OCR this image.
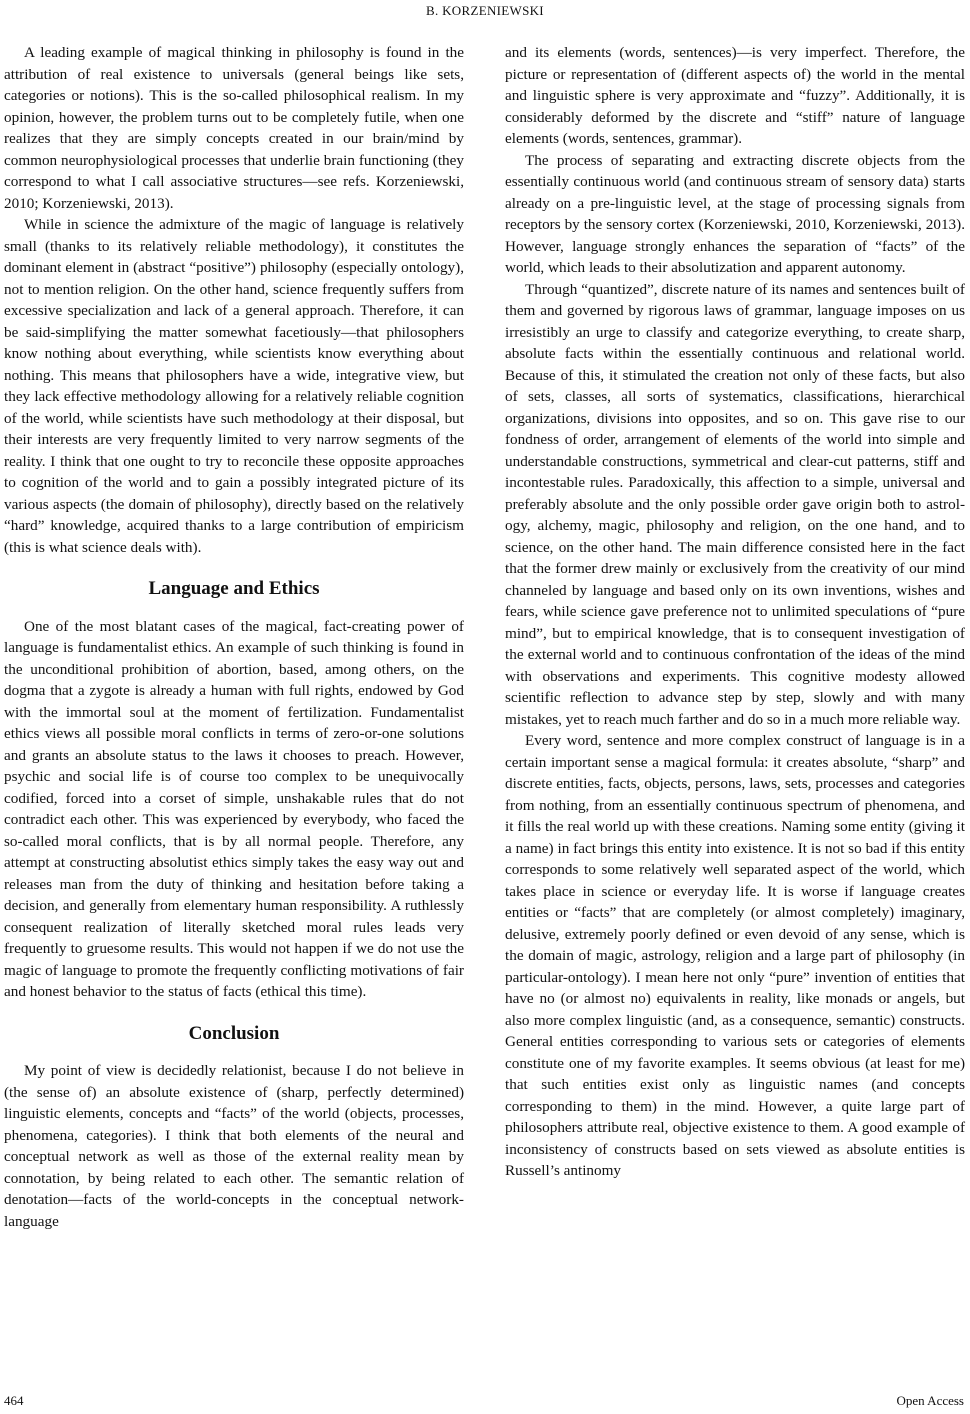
B. KORZENIEWSKI

A leading example of magical thinking in philosophy is found in the attribution of real existence to universals (general beings like sets, categories or notions). This is the so-called philosophical realism. In my opinion, however, the problem turns out to be completely futile, when one realizes that they are simply concepts created in our brain/mind by common neurophysiological processes that underlie brain functioning (they correspond to what I call associative structures—see refs. Korzeniewski, 2010; Korzeniewski, 2013).

While in science the admixture of the magic of language is relatively small (thanks to its relatively reliable methodology), it constitutes the dominant element in (abstract “positive”) philosophy (especially ontology), not to mention religion. On the other hand, science frequently suffers from excessive specialization and lack of a general approach. Therefore, it can be said-simplifying the matter somewhat facetiously—that philosophers know nothing about everything, while scientists know everything about nothing. This means that philosophers have a wide, integrative view, but they lack effective methodology allowing for a relatively reliable cognition of the world, while scientists have such methodology at their disposal, but their interests are very frequently limited to very narrow segments of the reality. I think that one ought to try to reconcile these opposite approaches to cognition of the world and to gain a possibly integrated picture of its various aspects (the domain of philosophy), directly based on the relatively “hard” knowledge, acquired thanks to a large contribution of empiricism (this is what science deals with).

Language and Ethics

One of the most blatant cases of the magical, fact-creating power of language is fundamentalist ethics. An example of such thinking is found in the unconditional prohibition of abortion, based, among others, on the dogma that a zygote is already a human with full rights, endowed by God with the immortal soul at the moment of fertilization. Fundamentalist ethics views all possible moral conflicts in terms of zero-or-one solutions and grants an absolute status to the laws it chooses to preach. However, psychic and social life is of course too complex to be unequivocally codified, forced into a corset of simple, unshakable rules that do not contradict each other. This was experienced by everybody, who faced the so-called moral conflicts, that is by all normal people. Therefore, any attempt at constructing absolutist ethics simply takes the easy way out and releases man from the duty of thinking and hesitation before taking a decision, and generally from elementary human responsibility. A ruthlessly consequent realization of literally sketched moral rules leads very frequently to gruesome results. This would not happen if we do not use the magic of language to promote the frequently conflicting motivations of fair and honest behavior to the status of facts (ethical this time).

Conclusion

My point of view is decidedly relationist, because I do not believe in (the sense of) an absolute existence of (sharp, perfectly determined) linguistic elements, concepts and “facts” of the world (objects, processes, phenomena, categories). I think that both elements of the neural and conceptual network as well as those of the external reality mean by connotation, by being related to each other. The semantic relation of denotation—facts of the world-concepts in the conceptual network-language

and its elements (words, sentences)—is very imperfect. Therefore, the picture or representation of (different aspects of) the world in the mental and linguistic sphere is very approximate and “fuzzy”. Additionally, it is considerably deformed by the discrete and “stiff” nature of language elements (words, sentences, grammar).

The process of separating and extracting discrete objects from the essentially continuous world (and continuous stream of sensory data) starts already on a pre-linguistic level, at the stage of processing signals from receptors by the sensory cortex (Korzeniewski, 2010, Korzeniewski, 2013). However, language strongly enhances the separation of “facts” of the world, which leads to their absolutization and apparent autonomy.

Through “quantized”, discrete nature of its names and sentences built of them and governed by rigorous laws of grammar, language imposes on us irresistibly an urge to classify and categorize everything, to create sharp, absolute facts within the essentially continuous and relational world. Because of this, it stimulated the creation not only of these facts, but also of sets, classes, all sorts of systematics, classifications, hierarchical organizations, divisions into opposites, and so on. This gave rise to our fondness of order, arrangement of elements of the world into simple and understandable constructions, symmetrical and clear-cut patterns, stiff and incontestable rules. Paradoxically, this affection to a simple, universal and preferably absolute and the only possible order gave origin both to astrology, alchemy, magic, philosophy and religion, on the one hand, and to science, on the other hand. The main difference consisted here in the fact that the former drew mainly or exclusively from the creativity of our mind channeled by language and based only on its own inventions, wishes and fears, while science gave preference not to unlimited speculations of “pure mind”, but to empirical knowledge, that is to consequent investigation of the external world and to continuous confrontation of the ideas of the mind with observations and experiments. This cognitive modesty allowed scientific reflection to advance step by step, slowly and with many mistakes, yet to reach much farther and do so in a much more reliable way.

Every word, sentence and more complex construct of language is in a certain important sense a magical formula: it creates absolute, “sharp” and discrete entities, facts, objects, persons, laws, sets, processes and categories from nothing, from an essentially continuous spectrum of phenomena, and it fills the real world up with these creations. Naming some entity (giving it a name) in fact brings this entity into existence. It is not so bad if this entity corresponds to some relatively well separated aspect of the world, which takes place in science or everyday life. It is worse if language creates entities or “facts” that are completely (or almost completely) imaginary, delusive, extremely poorly defined or even devoid of any sense, which is the domain of magic, astrology, religion and a large part of philosophy (in particular-ontology). I mean here not only “pure” invention of entities that have no (or almost no) equivalents in reality, like monads or angels, but also more complex linguistic (and, as a consequence, semantic) constructs. General entities corresponding to various sets or categories of elements constitute one of my favorite examples. It seems obvious (at least for me) that such entities exist only as linguistic names (and concepts corresponding to them) in the mind. However, a quite large part of philosophers attribute real, objective existence to them. A good example of inconsistency of constructs based on sets viewed as absolute entities is Russell’s antinomy

464	Open Access
